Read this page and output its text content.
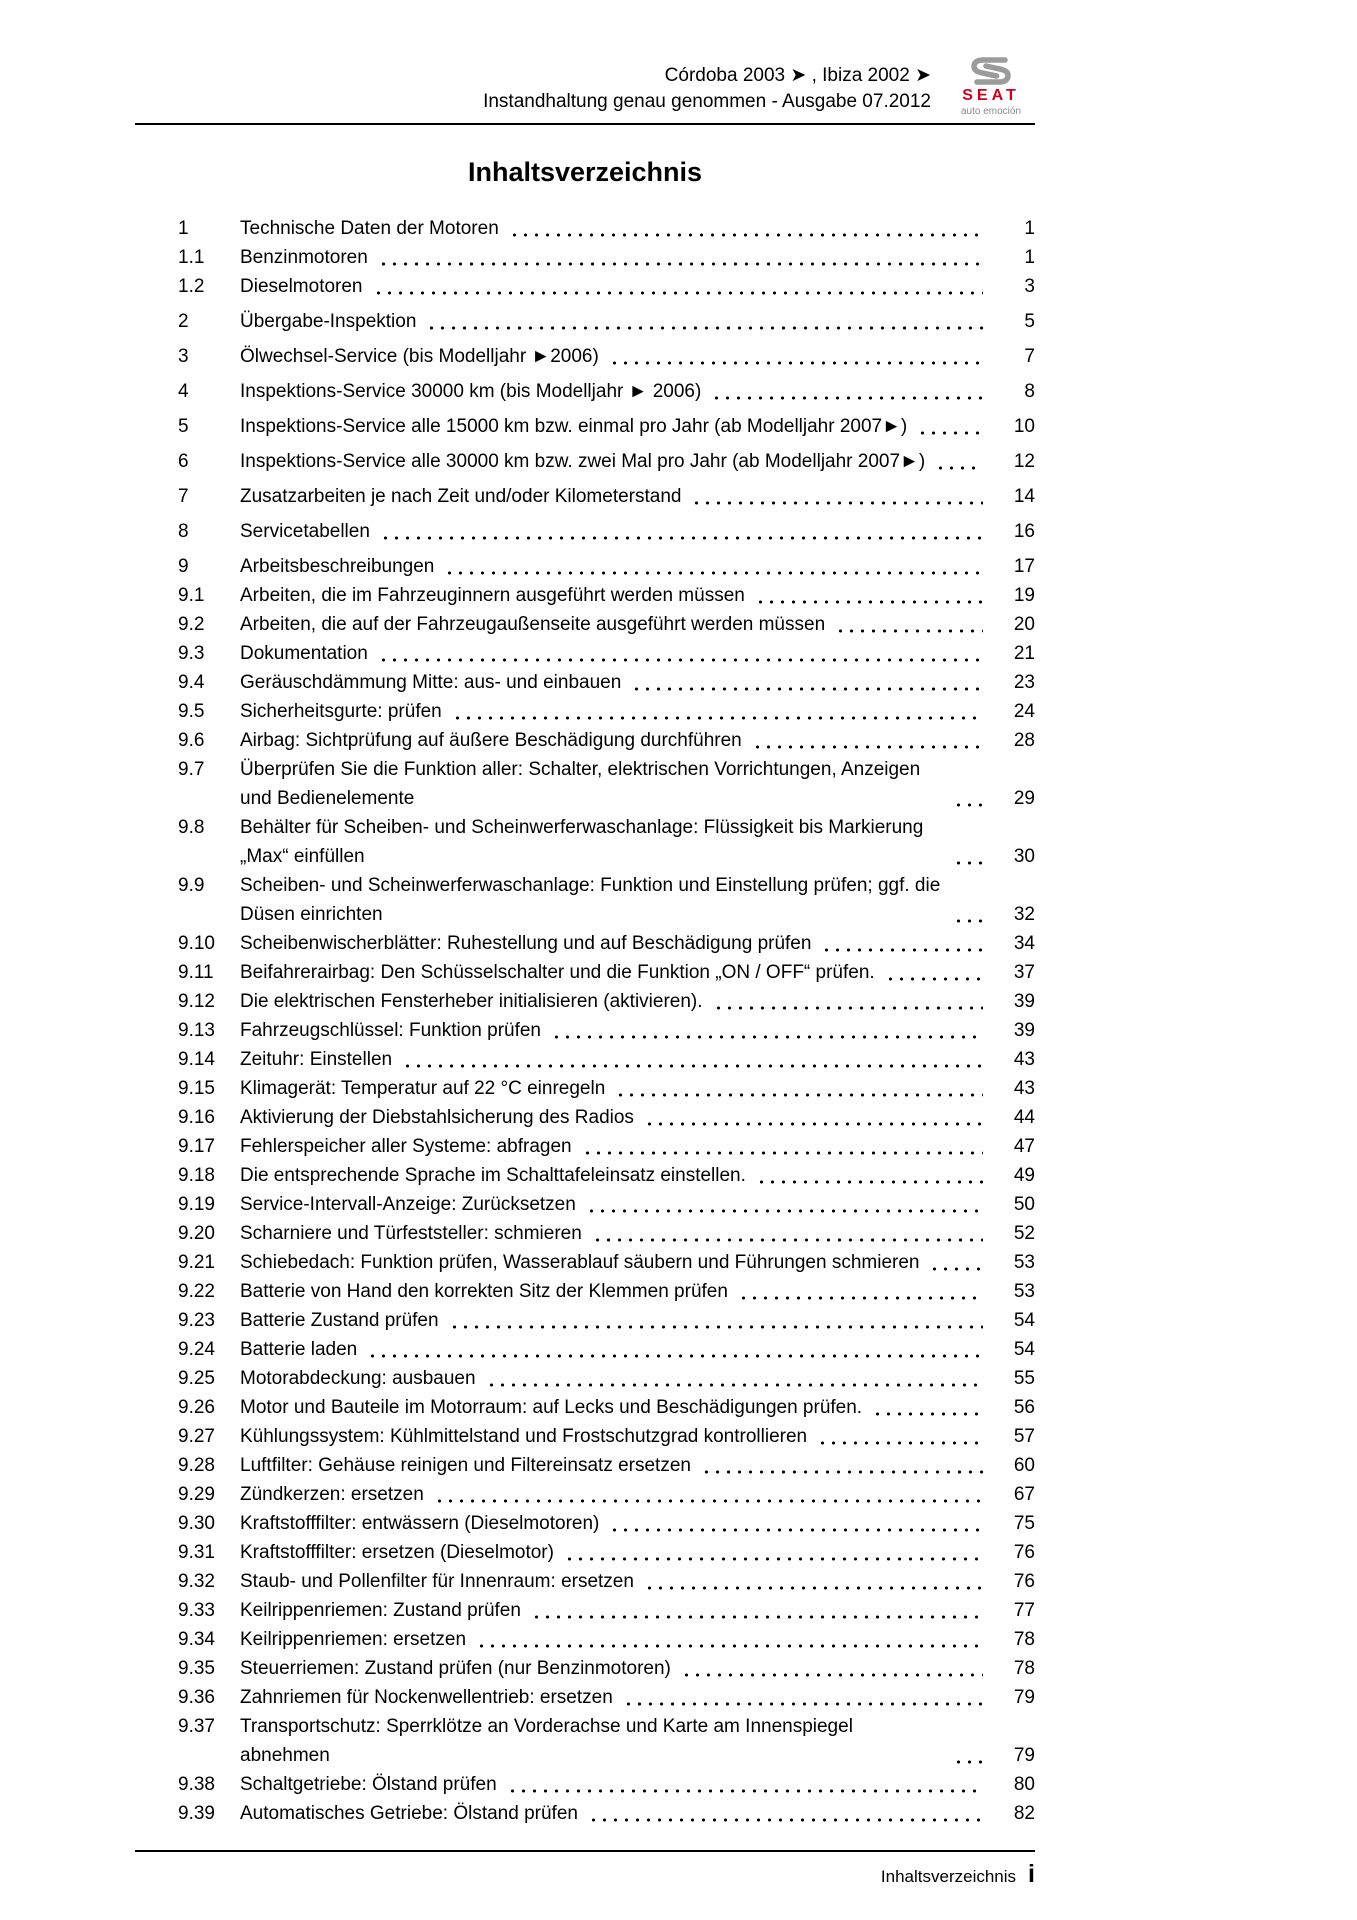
Córdoba 2003 ➤ , Ibiza 2002 ➤
Instandhaltung genau genommen - Ausgabe 07.2012 SEAT
auto emoción
Inhaltsverzeichnis
1	Technische Daten der Motoren	1
1.1	Benzinmotoren	1
1.2	Dieselmotoren	3
2	Übergabe-Inspektion	5
3	Ölwechsel-Service (bis Modelljahr ►2006)	7
4	Inspektions-Service 30000 km (bis Modelljahr ► 2006)	8
5	Inspektions-Service alle 15000 km bzw. einmal pro Jahr (ab Modelljahr 2007►)	10
6	Inspektions-Service alle 30000 km bzw. zwei Mal pro Jahr (ab Modelljahr 2007►)	12
7	Zusatzarbeiten je nach Zeit und/oder Kilometerstand	14
8	Servicetabellen	16
9	Arbeitsbeschreibungen	17
9.1	Arbeiten, die im Fahrzeuginnern ausgeführt werden müssen	19
9.2	Arbeiten, die auf der Fahrzeugaußenseite ausgeführt werden müssen	20
9.3	Dokumentation	21
9.4	Geräuschdämmung Mitte: aus- und einbauen	23
9.5	Sicherheitsgurte: prüfen	24
9.6	Airbag: Sichtprüfung auf äußere Beschädigung durchführen	28
9.7	Überprüfen Sie die Funktion aller: Schalter, elektrischen Vorrichtungen, Anzeigen und Bedienelemente	29
9.8	Behälter für Scheiben- und Scheinwerferwaschanlage: Flüssigkeit bis Markierung „Max“ einfüllen	30
9.9	Scheiben- und Scheinwerferwaschanlage: Funktion und Einstellung prüfen; ggf. die Düsen einrichten	32
9.10	Scheibenwischerblätter: Ruhestellung und auf Beschädigung prüfen	34
9.11	Beifahrerairbag: Den Schüsselschalter und die Funktion „ON / OFF“ prüfen.	37
9.12	Die elektrischen Fensterheber initialisieren (aktivieren).	39
9.13	Fahrzeugschlüssel: Funktion prüfen	39
9.14	Zeituhr: Einstellen	43
9.15	Klimagerät: Temperatur auf 22 °C einregeln	43
9.16	Aktivierung der Diebstahlsicherung des Radios	44
9.17	Fehlerspeicher aller Systeme: abfragen	47
9.18	Die entsprechende Sprache im Schalttafeleinsatz einstellen.	49
9.19	Service-Intervall-Anzeige: Zurücksetzen	50
9.20	Scharniere und Türfeststeller: schmieren	52
9.21	Schiebedach: Funktion prüfen, Wasserablauf säubern und Führungen schmieren	53
9.22	Batterie von Hand den korrekten Sitz der Klemmen prüfen	53
9.23	Batterie Zustand prüfen	54
9.24	Batterie laden	54
9.25	Motorabdeckung: ausbauen	55
9.26	Motor und Bauteile im Motorraum: auf Lecks und Beschädigungen prüfen.	56
9.27	Kühlungssystem: Kühlmittelstand und Frostschutzgrad kontrollieren	57
9.28	Luftfilter: Gehäuse reinigen und Filtereinsatz ersetzen	60
9.29	Zündkerzen: ersetzen	67
9.30	Kraftstofffilter: entwässern (Dieselmotoren)	75
9.31	Kraftstofffilter: ersetzen (Dieselmotor)	76
9.32	Staub- und Pollenfilter für Innenraum: ersetzen	76
9.33	Keilrippenriemen: Zustand prüfen	77
9.34	Keilrippenriemen: ersetzen	78
9.35	Steuerriemen: Zustand prüfen (nur Benzinmotoren)	78
9.36	Zahnriemen für Nockenwellentrieb: ersetzen	79
9.37	Transportschutz: Sperrklötze an Vorderachse und Karte am Innenspiegel abnehmen	79
9.38	Schaltgetriebe: Ölstand prüfen	80
9.39	Automatisches Getriebe: Ölstand prüfen	82
Inhaltsverzeichnis i
